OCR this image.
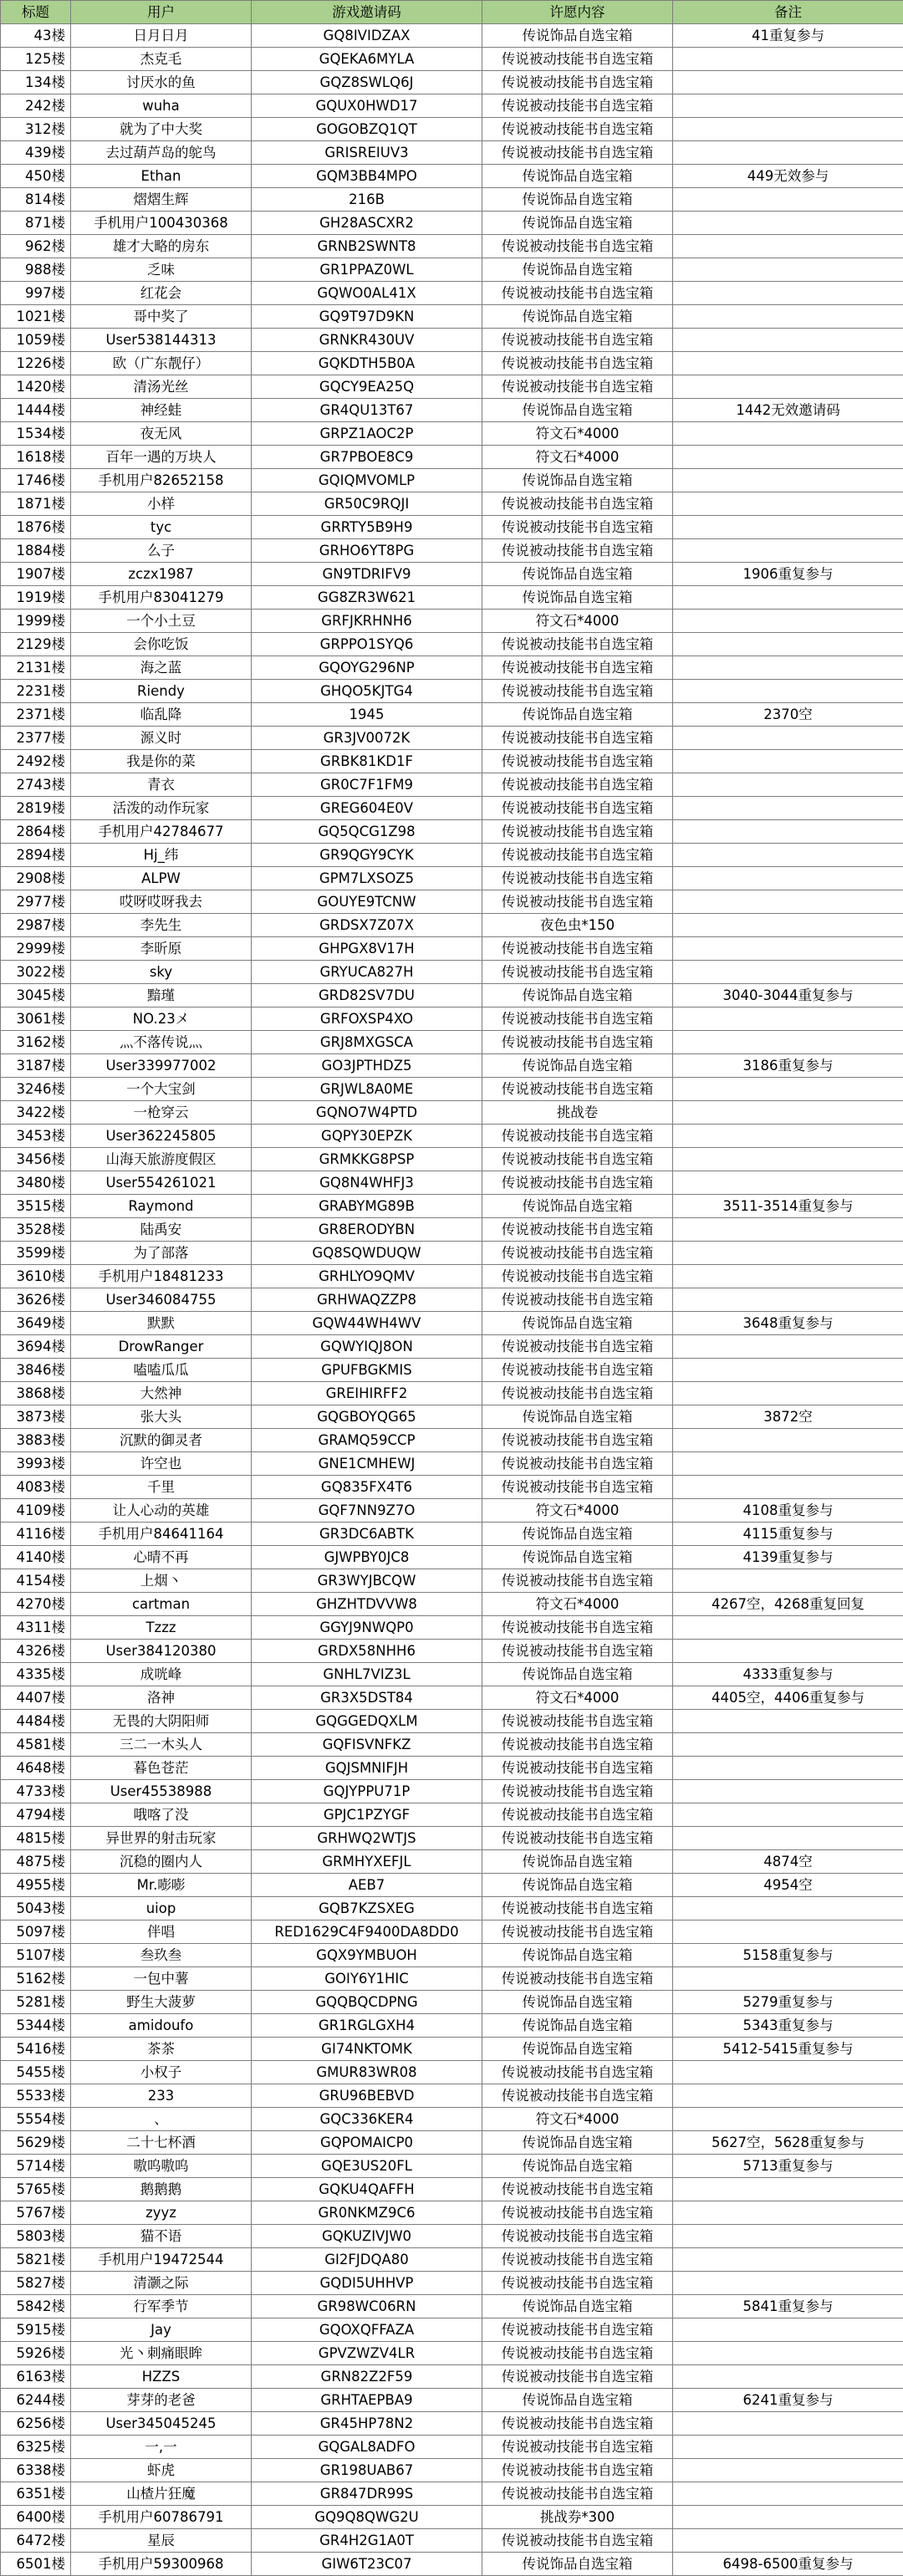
标题	用户	游戏邀请码	许愿内容	备注
43楼	日月日月	GQ8IVIDZAX	传说饰品自选宝箱	41重复参与
125楼	杰克毛	GQEKA6MYLA	传说被动技能书自选宝箱	
134楼	讨厌水的鱼	GQZ8SWLQ6J	传说被动技能书自选宝箱	
242楼	wuha	GQUX0HWD17	传说被动技能书自选宝箱	
312楼	就为了中大奖	GOGOBZQ1QT	传说被动技能书自选宝箱	
439楼	去过葫芦岛的鸵鸟	GRISREIUV3	传说被动技能书自选宝箱	
450楼	Ethan	GQM3BB4MPO	传说饰品自选宝箱	449无效参与
814楼	熠熠生辉	216B	传说饰品自选宝箱	
871楼	手机用户100430368	GH28ASCXR2	传说饰品自选宝箱	
962楼	雄才大略的房东	GRNB2SWNT8	传说被动技能书自选宝箱	
988楼	乏味	GR1PPAZ0WL	传说饰品自选宝箱	
997楼	红花会	GQWO0AL41X	传说被动技能书自选宝箱	
1021楼	哥中奖了	GQ9T97D9KN	传说饰品自选宝箱	
1059楼	User538144313	GRNKR430UV	传说被动技能书自选宝箱	
1226楼	欧（广东靓仔）	GQKDTH5B0A	传说被动技能书自选宝箱	
1420楼	清汤光丝	GQCY9EA25Q	传说被动技能书自选宝箱	
1444楼	神经蛙	GR4QU13T67	传说饰品自选宝箱	1442无效邀请码
1534楼	夜无风	GRPZ1AOC2P	符文石*4000	
1618楼	百年一遇的万块人	GR7PBOE8C9	符文石*4000	
1746楼	手机用户82652158	GQIQMVOMLP	传说饰品自选宝箱	
1871楼	小样	GR50C9RQJI	传说被动技能书自选宝箱	
1876楼	tyc	GRRTY5B9H9	传说被动技能书自选宝箱	
1884楼	么子	GRHO6YT8PG	传说被动技能书自选宝箱	
1907楼	zczx1987	GN9TDRIFV9	传说饰品自选宝箱	1906重复参与
1919楼	手机用户83041279	GG8ZR3W621	传说饰品自选宝箱	
1999楼	一个小土豆	GRFJKRHNH6	符文石*4000	
2129楼	会你吃饭	GRPPO1SYQ6	传说被动技能书自选宝箱	
2131楼	海之蓝	GQOYG296NP	传说被动技能书自选宝箱	
2231楼	Riendy	GHQO5KJTG4	传说被动技能书自选宝箱	
2371楼	临乱降	1945	传说饰品自选宝箱	2370空
2377楼	源义时	GR3JV0072K	传说被动技能书自选宝箱	
2492楼	我是你的菜	GRBK81KD1F	传说被动技能书自选宝箱	
2743楼	青衣	GR0C7F1FM9	传说被动技能书自选宝箱	
2819楼	活泼的动作玩家	GREG604E0V	传说被动技能书自选宝箱	
2864楼	手机用户42784677	GQ5QCG1Z98	传说被动技能书自选宝箱	
2894楼	Hj_纬	GR9QGY9CYK	传说被动技能书自选宝箱	
2908楼	ALPW	GPM7LXSOZ5	传说被动技能书自选宝箱	
2977楼	哎呀哎呀我去	GOUYE9TCNW	传说被动技能书自选宝箱	
2987楼	李先生	GRDSX7Z07X	夜色虫*150	
2999楼	李昕原	GHPGX8V17H	传说被动技能书自选宝箱	
3022楼	sky	GRYUCA827H	传说被动技能书自选宝箱	
3045楼	黯瑾	GRD82SV7DU	传说饰品自选宝箱	3040-3044重复参与
3061楼	NO.23メ	GRFOXSP4XO	传说被动技能书自选宝箱	
3162楼	灬不落传说灬	GRJ8MXGSCA	传说被动技能书自选宝箱	
3187楼	User339977002	GO3JPTHDZ5	传说饰品自选宝箱	3186重复参与
3246楼	一个大宝剑	GRJWL8A0ME	传说被动技能书自选宝箱	
3422楼	一枪穿云	GQNO7W4PTD	挑战卷	
3453楼	User362245805	GQPY30EPZK	传说被动技能书自选宝箱	
3456楼	山海天旅游度假区	GRMKKG8PSP	传说被动技能书自选宝箱	
3480楼	User554261021	GQ8N4WHFJ3	传说被动技能书自选宝箱	
3515楼	Raymond	GRABYMG89B	传说饰品自选宝箱	3511-3514重复参与
3528楼	陆禹安	GR8ERODYBN	传说被动技能书自选宝箱	
3599楼	为了部落	GQ8SQWDUQW	传说被动技能书自选宝箱	
3610楼	手机用户18481233	GRHLYO9QMV	传说被动技能书自选宝箱	
3626楼	User346084755	GRHWAQZZP8	传说被动技能书自选宝箱	
3649楼	默默	GQW44WH4WV	传说饰品自选宝箱	3648重复参与
3694楼	DrowRanger	GQWYIQJ8ON	传说被动技能书自选宝箱	
3846楼	嗑嗑瓜瓜	GPUFBGKMIS	传说被动技能书自选宝箱	
3868楼	大然神	GREIHIRFF2	传说被动技能书自选宝箱	
3873楼	张大头	GQGBOYQG65	传说饰品自选宝箱	3872空
3883楼	沉默的御灵者	GRAMQ59CCP	传说被动技能书自选宝箱	
3993楼	许空也	GNE1CMHEWJ	传说被动技能书自选宝箱	
4083楼	千里	GQ835FX4T6	传说被动技能书自选宝箱	
4109楼	让人心动的英雄	GQF7NN9Z7O	符文石*4000	4108重复参与
4116楼	手机用户84641164	GR3DC6ABTK	传说饰品自选宝箱	4115重复参与
4140楼	心晴不再	GJWPBY0JC8	传说饰品自选宝箱	4139重复参与
4154楼	上烟丶	GR3WYJBCQW	传说被动技能书自选宝箱	
4270楼	cartman	GHZHTDVVW8	符文石*4000	4267空，4268重复回复
4311楼	Tzzz	GGYJ9NWQP0	传说被动技能书自选宝箱	
4326楼	User384120380	GRDX58NHH6	传说被动技能书自选宝箱	
4335楼	成咣峰	GNHL7VIZ3L	传说饰品自选宝箱	4333重复参与
4407楼	洛神	GR3X5DST84	符文石*4000	4405空，4406重复参与
4484楼	无畏的大阴阳师	GQGGEDQXLM	传说被动技能书自选宝箱	
4581楼	三二一木头人	GQFISVNFKZ	传说被动技能书自选宝箱	
4648楼	暮色苍茫	GQJSMNIFJH	传说被动技能书自选宝箱	
4733楼	User45538988	GQJYPPU71P	传说被动技能书自选宝箱	
4794楼	哦喀了没	GPJC1PZYGF	传说被动技能书自选宝箱	
4815楼	异世界的射击玩家	GRHWQ2WTJS	传说被动技能书自选宝箱	
4875楼	沉稳的圈内人	GRMHYXEFJL	传说饰品自选宝箱	4874空
4955楼	Mr.嘭嘭	AEB7	传说饰品自选宝箱	4954空
5043楼	uiop	GQB7KZSXEG	传说被动技能书自选宝箱	
5097楼	伴唱	RED1629C4F9400DA8DD0	传说被动技能书自选宝箱	
5107楼	叁玖叁	GQX9YMBUOH	传说饰品自选宝箱	5158重复参与
5162楼	一包中薯	GOIY6Y1HIC	传说被动技能书自选宝箱	
5281楼	野生大菠萝	GQQBQCDPNG	传说饰品自选宝箱	5279重复参与
5344楼	amidoufo	GR1RGLGXH4	传说饰品自选宝箱	5343重复参与
5416楼	茶茶	GI74NKTOMK	传说饰品自选宝箱	5412-5415重复参与
5455楼	小权子	GMUR83WR08	传说被动技能书自选宝箱	
5533楼	233	GRU96BEBVD	传说被动技能书自选宝箱	
5554楼	、	GQC336KER4	符文石*4000	
5629楼	二十七杯酒	GQPOMAICP0	传说饰品自选宝箱	5627空，5628重复参与
5714楼	嗷呜嗷呜	GQE3US20FL	传说饰品自选宝箱	5713重复参与
5765楼	鹅鹅鹅	GQKU4QAFFH	传说被动技能书自选宝箱	
5767楼	zyyz	GR0NKMZ9C6	传说被动技能书自选宝箱	
5803楼	猫不语	GQKUZIVJW0	传说被动技能书自选宝箱	
5821楼	手机用户19472544	GI2FJDQA80	传说被动技能书自选宝箱	
5827楼	清灏之际	GQDI5UHHVP	传说被动技能书自选宝箱	
5842楼	行军季节	GR98WC06RN	传说饰品自选宝箱	5841重复参与
5915楼	Jay	GQOXQFFAZA	传说被动技能书自选宝箱	
5926楼	光丶刺痛眼眸	GPVZWZV4LR	传说被动技能书自选宝箱	
6163楼	HZZS	GRN82Z2F59	传说被动技能书自选宝箱	
6244楼	芽芽的老爸	GRHTAEPBA9	传说饰品自选宝箱	6241重复参与
6256楼	User345045245	GR45HP78N2	传说被动技能书自选宝箱	
6325楼	一,一	GQGAL8ADFO	传说被动技能书自选宝箱	
6338楼	虾虎	GR198UAB67	传说被动技能书自选宝箱	
6351楼	山楂片狂魔	GR847DR99S	传说被动技能书自选宝箱	
6400楼	手机用户60786791	GQ9Q8QWG2U	挑战券*300	
6472楼	星辰	GR4H2G1A0T	传说被动技能书自选宝箱	
6501楼	手机用户59300968	GIW6T23C07	传说饰品自选宝箱	6498-6500重复参与
